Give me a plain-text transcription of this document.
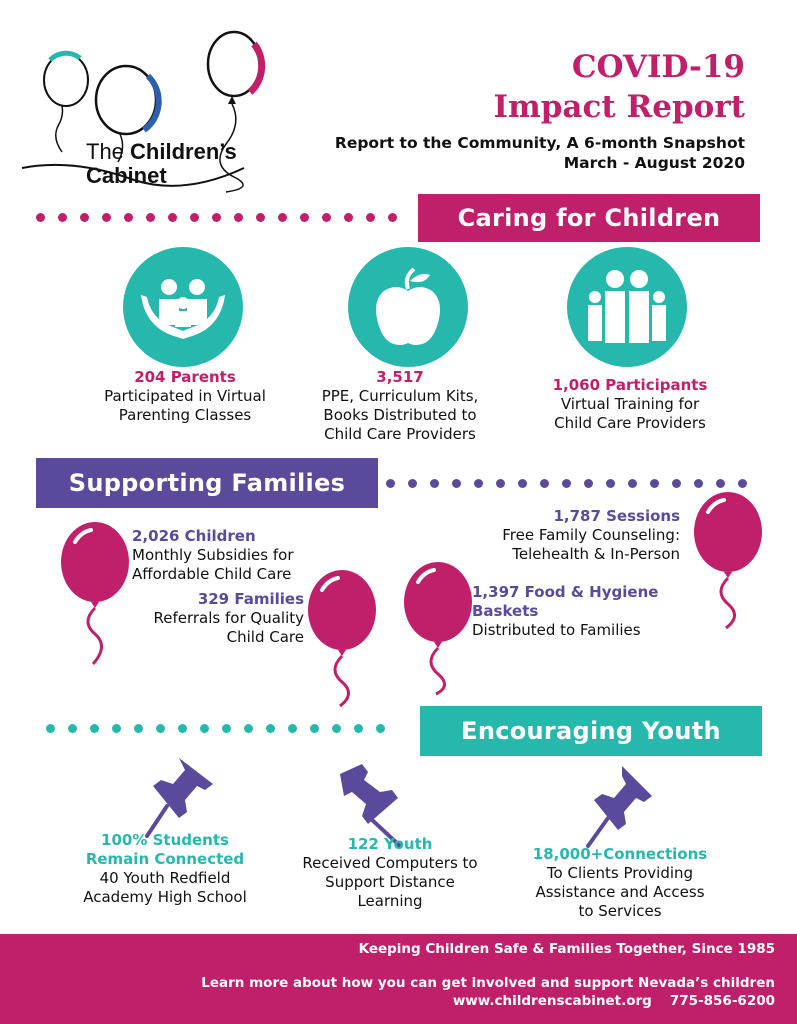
The Children’s
Cabinet
COVID-19
Impact Report
Report to the Community, A 6-month Snapshot
March - August 2020
Caring for Children
204 Parents
Participated in Virtual
Parenting Classes
3,517
PPE, Curriculum Kits,
Books Distributed to
Child Care Providers
1,060 Participants
Virtual Training for
Child Care Providers
Supporting Families
2,026 Children
Monthly Subsidies for
Affordable Child Care
329 Families
Referrals for Quality
Child Care
1,397 Food & Hygiene
Baskets
Distributed to Families
1,787 Sessions
Free Family Counseling:
Telehealth & In-Person
Encouraging Youth
100% Students
Remain Connected
40 Youth Redfield
Academy High School
122 Youth
Received Computers to
Support Distance
Learning
18,000+Connections
To Clients Providing
Assistance and Access
to Services
Keeping Children Safe & Families Together, Since 1985
Learn more about how you can get involved and support Nevada’s children
www.childrenscabinet.org 775-856-6200
